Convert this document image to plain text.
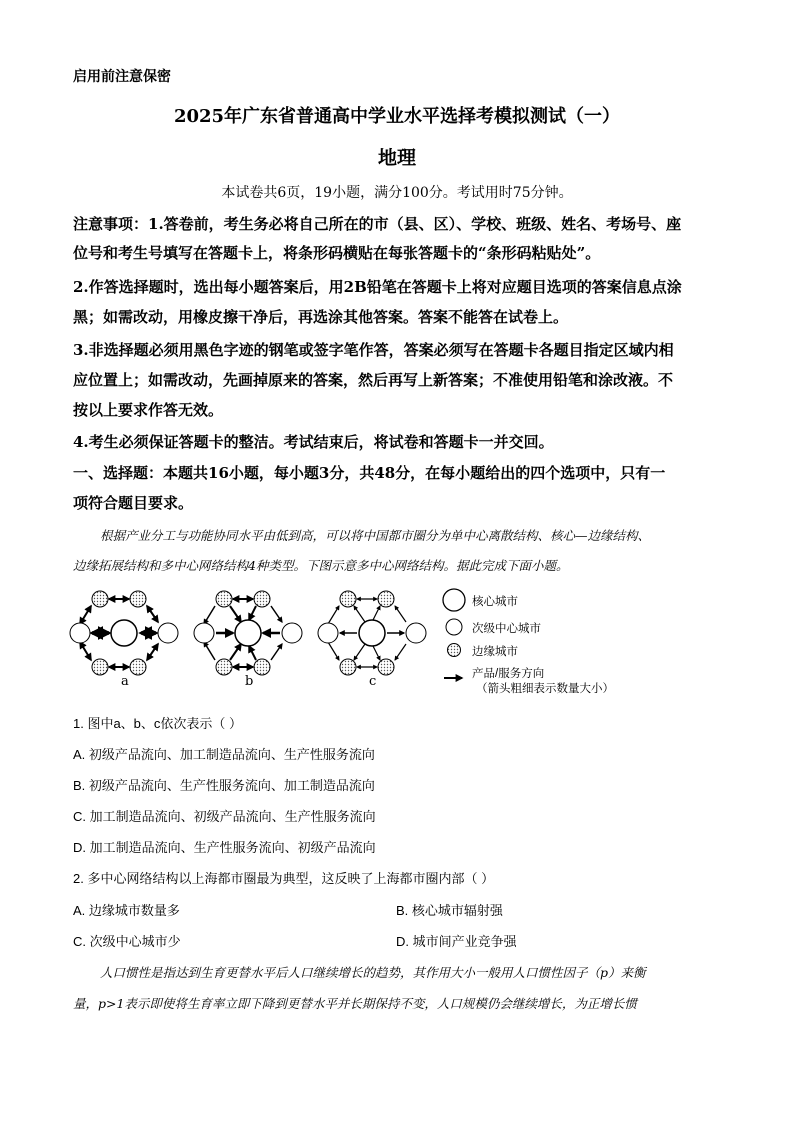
启用前注意保密
2025年广东省普通高中学业水平选择考模拟测试（一）
地理
本试卷共6页，19小题，满分100分。考试用时75分钟。
注意事项：1.答卷前，考生务必将自己所在的市（县、区）、学校、班级、姓名、考场号、座
位号和考生号填写在答题卡上，将条形码横贴在每张答题卡的“条形码粘贴处”。
2.作答选择题时，选出每小题答案后，用2B铅笔在答题卡上将对应题目选项的答案信息点涂
黑；如需改动，用橡皮擦干净后，再选涂其他答案。答案不能答在试卷上。
3.非选择题必须用黑色字迹的钢笔或签字笔作答，答案必须写在答题卡各题目指定区域内相
应位置上；如需改动，先画掉原来的答案，然后再写上新答案；不准使用铅笔和涂改液。不
按以上要求作答无效。
4.考生必须保证答题卡的整洁。考试结束后，将试卷和答题卡一并交回。
一、选择题：本题共16小题，每小题3分，共48分，在每小题给出的四个选项中，只有一
项符合题目要求。
根据产业分工与功能协同水平由低到高，可以将中国都市圈分为单中心离散结构、核心—边缘结构、
边缘拓展结构和多中心网络结构4种类型。下图示意多中心网络结构。据此完成下面小题。
a	b	c
核心城市
次级中心城市
边缘城市
产品/服务方向
（箭头粗细表示数量大小）
1. 图中a、b、c依次表示（ ）
A. 初级产品流向、加工制造品流向、生产性服务流向
B. 初级产品流向、生产性服务流向、加工制造品流向
C. 加工制造品流向、初级产品流向、生产性服务流向
D. 加工制造品流向、生产性服务流向、初级产品流向
2. 多中心网络结构以上海都市圈最为典型，这反映了上海都市圈内部（ ）
A. 边缘城市数量多	B. 核心城市辐射强
C. 次级中心城市少	D. 城市间产业竞争强
人口惯性是指达到生育更替水平后人口继续增长的趋势，其作用大小一般用人口惯性因子（p）来衡
量，p>1表示即使将生育率立即下降到更替水平并长期保持不变，人口规模仍会继续增长，为正增长惯
